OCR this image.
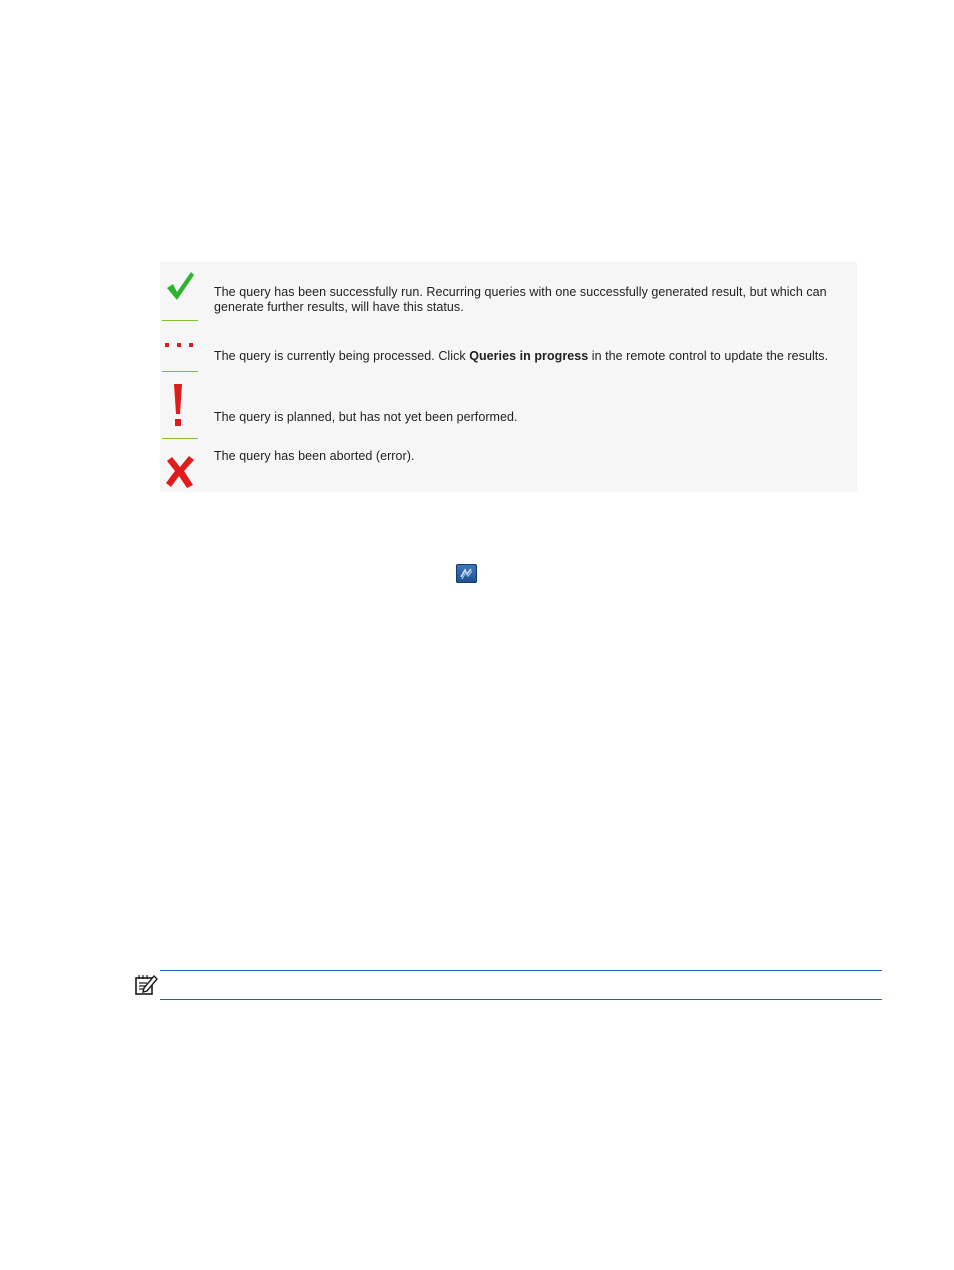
The query has been successfully run. Recurring queries with one successfully generated result, but which can generate further results, will have this status.
The query is currently being processed. Click Queries in progress in the remote control to update the results.
The query is planned, but has not yet been performed.
The query has been aborted (error).
